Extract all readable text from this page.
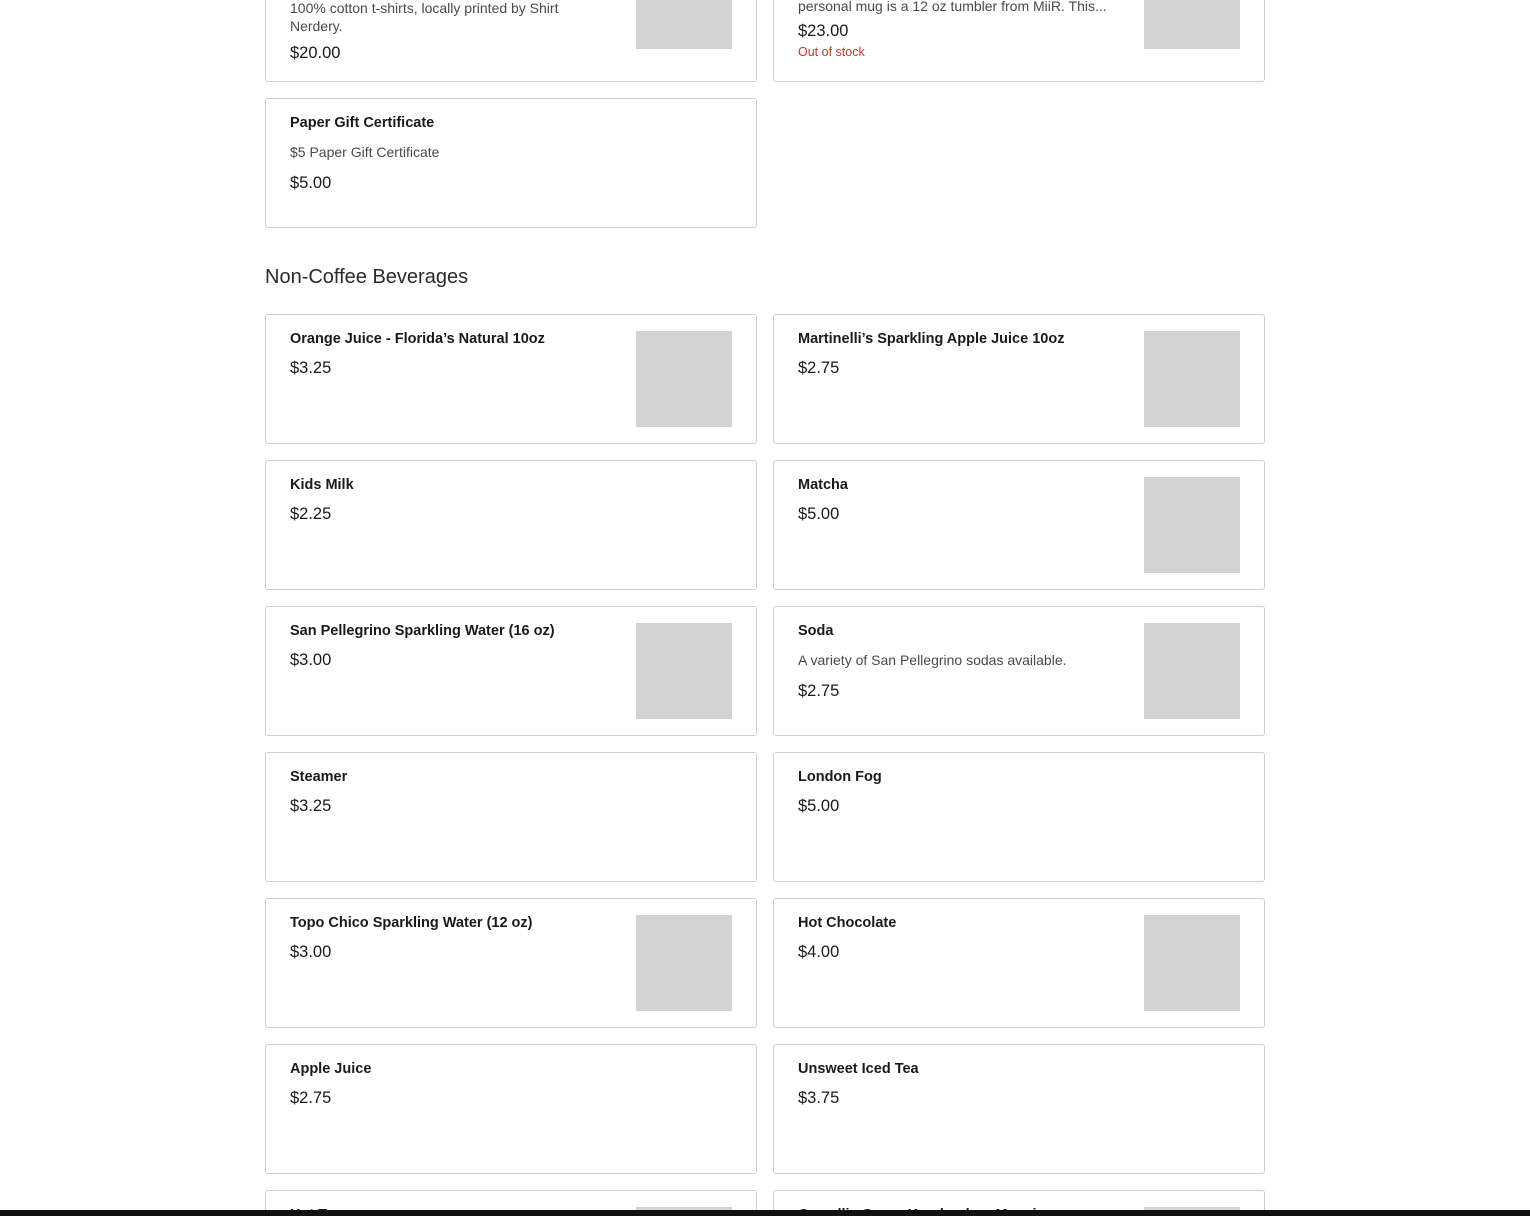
100% cotton t-shirts, locally printed by Shirt Nerdery.
$20.00
personal mug is a 12 oz tumbler from MiiR. This...
$23.00
Out of stock
Paper Gift Certificate
$5 Paper Gift Certificate
$5.00
Non-Coffee Beverages
Orange Juice - Florida’s Natural 10oz
$3.25
Martinelli’s Sparkling Apple Juice 10oz
$2.75
Kids Milk
$2.25
Matcha
$5.00
San Pellegrino Sparkling Water (16 oz)
$3.00
Soda
A variety of San Pellegrino sodas available.
$2.75
Steamer
$3.25
London Fog
$5.00
Topo Chico Sparkling Water (12 oz)
$3.00
Hot Chocolate
$4.00
Apple Juice
$2.75
Unsweet Iced Tea
$3.75
